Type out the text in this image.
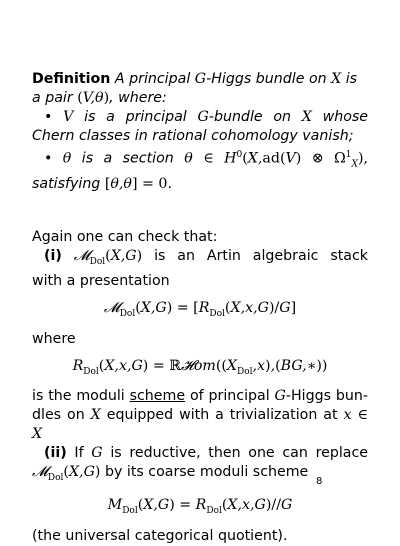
Definition A principal G-Higgs bundle on X is
a pair (V,θ), where:
• V is a principal G-bundle on X whose
Chern classes in rational cohomology vanish;
• θ is a section θ ∈ $H^0(X,ad(V)$ ⊗ $\Omega^1_X$),
satisfying [θ,θ] = 0.
Again one can check that:
(i) 𝓜$_{Dol}$(X,G) is an Artin algebraic stack
with a presentation
𝓜$_{Dol}$(X,G) = $[R_{Dol}(X,x,G)/G]$
where
$R_{Dol}(X,x,G)$ = $ℝ𝓗om((X_{Dol},x),(BG,∗))$
is the moduli scheme of principal G-Higgs bun-
dles on X equipped with a trivialization at x ∈
X
(ii) If G is reductive, then one can replace
𝓜$_{Dol}$(X,G) by its coarse moduli scheme
$M_{Dol}(X,G) = R_{Dol}(X,x,G)//G$
(the universal categorical quotient).
8
